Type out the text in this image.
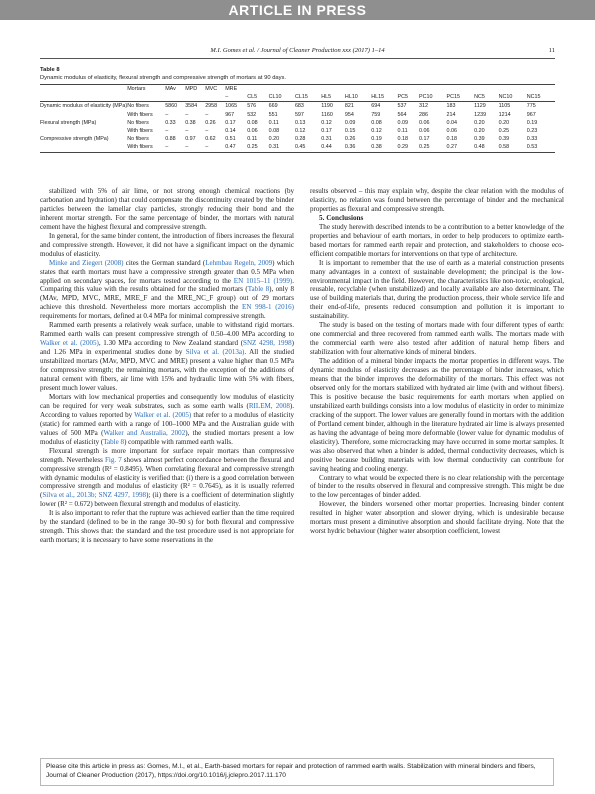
ARTICLE IN PRESS
M.I. Gomes et al. / Journal of Cleaner Production xxx (2017) 1–14	11
Table 8
Dynamic modulus of elasticity, flexural strength and compressive strength of mortars at 90 days.
	Mortars	MAv	MPD	MVC	MRE												
					–	CL5	CL10	CL15	HL5	HL10	HL15	PC5	PC10	PC15	NC5	NC10	NC15
Dynamic modulus of elasticity (MPa)	No fibers	5860	3584	2958	1065	576	669	683	1190	821	694	537	312	183	1129	1105	775
	With fibers	–	–	–	967	532	551	597	1160	954	759	564	286	214	1239	1214	967
Flexural strength (MPa)	No fibers	0.33	0.38	0.26	0.17	0.08	0.11	0.13	0.12	0.09	0.08	0.09	0.06	0.04	0.20	0.20	0.19
	With fibers	–	–	–	0.14	0.06	0.08	0.12	0.17	0.15	0.12	0.11	0.06	0.06	0.20	0.25	0.23
Compressive strength (MPa)	No fibers	0.88	0.97	0.62	0.51	0.11	0.20	0.28	0.31	0.26	0.19	0.18	0.17	0.18	0.39	0.39	0.33
	With fibers	–	–	–	0.47	0.25	0.31	0.45	0.44	0.36	0.38	0.29	0.25	0.27	0.48	0.58	0.53

stabilized with 5% of air lime, or not strong enough chemical reactions (by carbonation and hydration) that could compensate the discontinuity created by the binder particles between the lamellar clay particles, strongly reducing their bond and the inherent mortar strength. For the same percentage of binder, the mortars with natural cement have the highest flexural and compressive strength.

In general, for the same binder content, the introduction of fibers increases the flexural and compressive strength. However, it did not have a significant impact on the dynamic modulus of elasticity.

Minke and Ziegert (2008) cites the German standard (Lehmbau Regeln, 2009) which states that earth mortars must have a compressive strength greater than 0.5 MPa when applied on secondary spaces, for mortars tested according to the EN 1015–11 (1999). Comparing this value with the results obtained for the studied mortars (Table 8), only 8 (MAv, MPD, MVC, MRE, MRE_F and the MRE_NC_F group) out of 29 mortars achieve this threshold. Nevertheless more mortars accomplish the EN 998-1 (2016) requirements for mortars, defined at 0.4 MPa for minimal compressive strength.

Rammed earth presents a relatively weak surface, unable to withstand rigid mortars. Rammed earth walls can present compressive strength of 0.50–4.00 MPa according to Walker et al. (2005), 1.30 MPa according to New Zealand standard (SNZ 4298, 1998) and 1.26 MPa in experimental studies done by Silva et al. (2013a). All the studied unstabilized mortars (MAv, MPD, MVC and MRE) present a value higher than 0.5 MPa for compressive strength; the remaining mortars, with the exception of the additions of natural cement with fibers, air lime with 15% and hydraulic lime with 5% with fibers, present much lower values.

Mortars with low mechanical properties and consequently low modulus of elasticity can be required for very weak substrates, such as some earth walls (RILEM, 2008). According to values reported by Walker et al. (2005) that refer to a modulus of elasticity (static) for rammed earth with a range of 100–1000 MPa and the Australian guide with values of 500 MPa (Walker and Australia, 2002), the studied mortars present a low modulus of elasticity (Table 8) compatible with rammed earth walls.

Flexural strength is more important for surface repair mortars than compressive strength. Nevertheless Fig. 7 shows almost perfect concordance between the flexural and compressive strength (R² = 0.8495). When correlating flexural and compressive strength with dynamic modulus of elasticity is verified that: (i) there is a good correlation between compressive strength and modulus of elasticity (R² = 0.7645), as it is usually referred (Silva et al., 2013b; SNZ 4297, 1998); (ii) there is a coefficient of determination slightly lower (R² = 0.672) between flexural strength and modulus of elasticity.

It is also important to refer that the rupture was achieved earlier than the time required by the standard (defined to be in the range 30–90 s) for both flexural and compressive strength. This shows that: the standard and the test procedure used is not appropriate for earth mortars; it is necessary to have some reservations in the

results observed – this may explain why, despite the clear relation with the modulus of elasticity, no relation was found between the percentage of binder and the mechanical properties as flexural and compressive strength.

5. Conclusions

The study herewith described intends to be a contribution to a better knowledge of the properties and behaviour of earth mortars, in order to help producers to optimize earth-based mortars for rammed earth repair and protection, and stakeholders to choose eco-efficient compatible mortars for interventions on that type of architecture.

It is important to remember that the use of earth as a material construction presents many advantages in a context of sustainable development; the principal is the low-environmental impact in the field. However, the characteristics like non-toxic, ecological, reusable, recyclable (when unstabilized) and locally available are also determinant. The use of building materials that, during the production process, their whole service life and their end-of-life, presents reduced consumption and pollution it is important to sustainability.

The study is based on the testing of mortars made with four different types of earth: one commercial and three recovered from rammed earth walls. The mortars made with the commercial earth were also tested after addition of natural hemp fibers and stabilization with four alternative kinds of mineral binders.

The addition of a mineral binder impacts the mortar properties in different ways. The dynamic modulus of elasticity decreases as the percentage of binder increases, which means that the binder improves the deformability of the mortars. This effect was not observed only for the mortars stabilized with hydrated air lime (with and without fibers). This is positive because the basic requirements for earth mortars when applied on unstabilized earth buildings consists into a low modulus of elasticity in order to minimize cracking of the support. The lower values are generally found in mortars with the addition of Portland cement binder, although in the literature hydrated air lime is always presented as having the advantage of being more deformable (lower value for dynamic modulus of elasticity). Therefore, some microcracking may have occurred in some mortar samples. It was also observed that when a binder is added, thermal conductivity decreases, which is positive because building materials with low thermal conductivity can contribute for saving heating and cooling energy.

Contrary to what would be expected there is no clear relationship with the percentage of binder to the results observed in flexural and compressive strength. This might be due to the low percentages of binder added.

However, the binders worsened other mortar properties. Increasing binder content resulted in higher water absorption and slower drying, which is undesirable because mortars must present a diminutive absorption and should facilitate drying. Note that the worst hydric behaviour (higher water absorption coefficient, lowest

Please cite this article in press as: Gomes, M.I., et al., Earth-based mortars for repair and protection of rammed earth walls. Stabilization with mineral binders and fibers, Journal of Cleaner Production (2017), https://doi.org/10.1016/j.jclepro.2017.11.170
